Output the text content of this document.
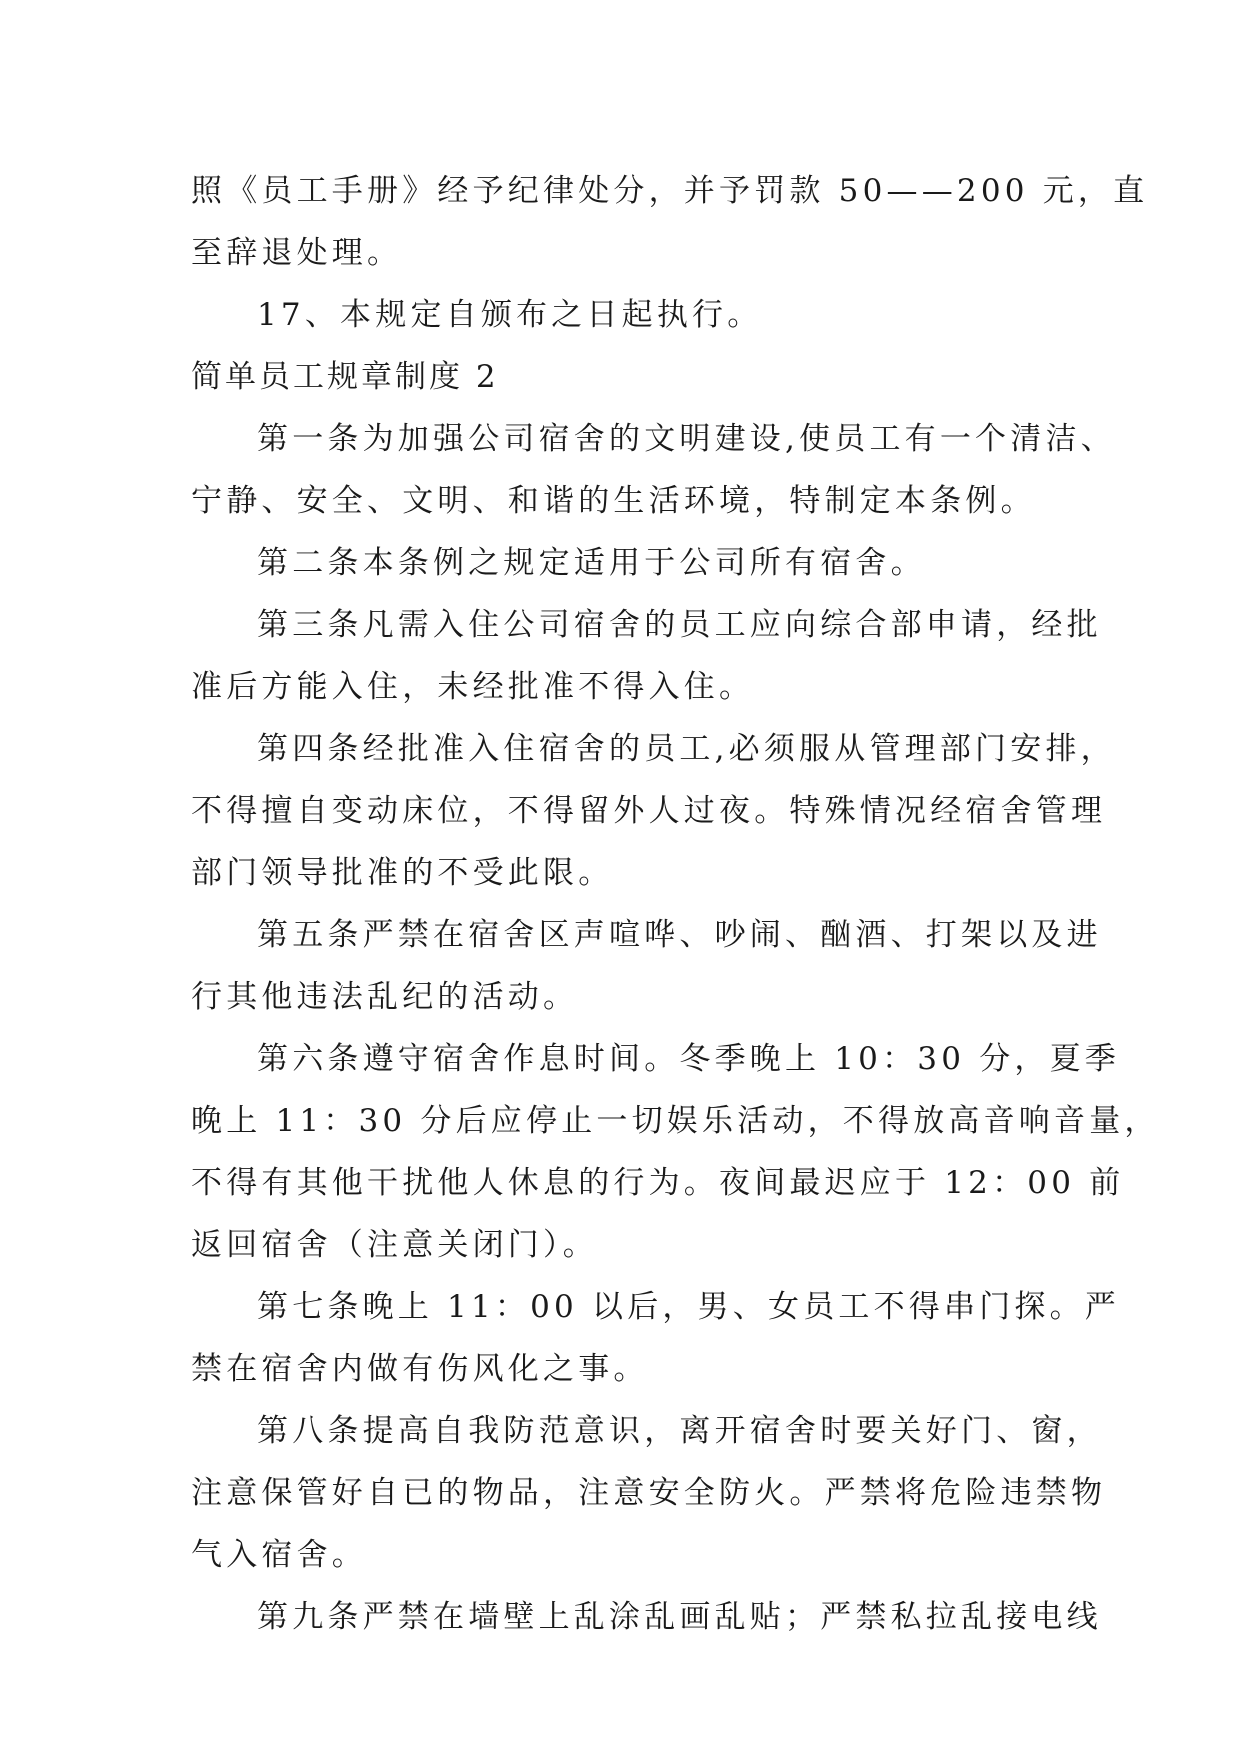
照《员工手册》经予纪律处分，并予罚款 50——200 元，直
至辞退处理。
17、本规定自颁布之日起执行。
简单员工规章制度 2
第一条为加强公司宿舍的文明建设,使员工有一个清洁、
宁静、安全、文明、和谐的生活环境，特制定本条例。
第二条本条例之规定适用于公司所有宿舍。
第三条凡需入住公司宿舍的员工应向综合部申请，经批
准后方能入住，未经批准不得入住。
第四条经批准入住宿舍的员工,必须服从管理部门安排，
不得擅自变动床位，不得留外人过夜。特殊情况经宿舍管理
部门领导批准的不受此限。
第五条严禁在宿舍区声喧哗、吵闹、酗酒、打架以及进
行其他违法乱纪的活动。
第六条遵守宿舍作息时间。冬季晚上 10：30 分，夏季
晚上 11：30 分后应停止一切娱乐活动，不得放高音响音量，
不得有其他干扰他人休息的行为。夜间最迟应于 12：00 前
返回宿舍（注意关闭门）。
第七条晚上 11：00 以后，男、女员工不得串门探。严
禁在宿舍内做有伤风化之事。
第八条提高自我防范意识，离开宿舍时要关好门、窗，
注意保管好自已的物品，注意安全防火。严禁将危险违禁物
气入宿舍。
第九条严禁在墙壁上乱涂乱画乱贴；严禁私拉乱接电线
